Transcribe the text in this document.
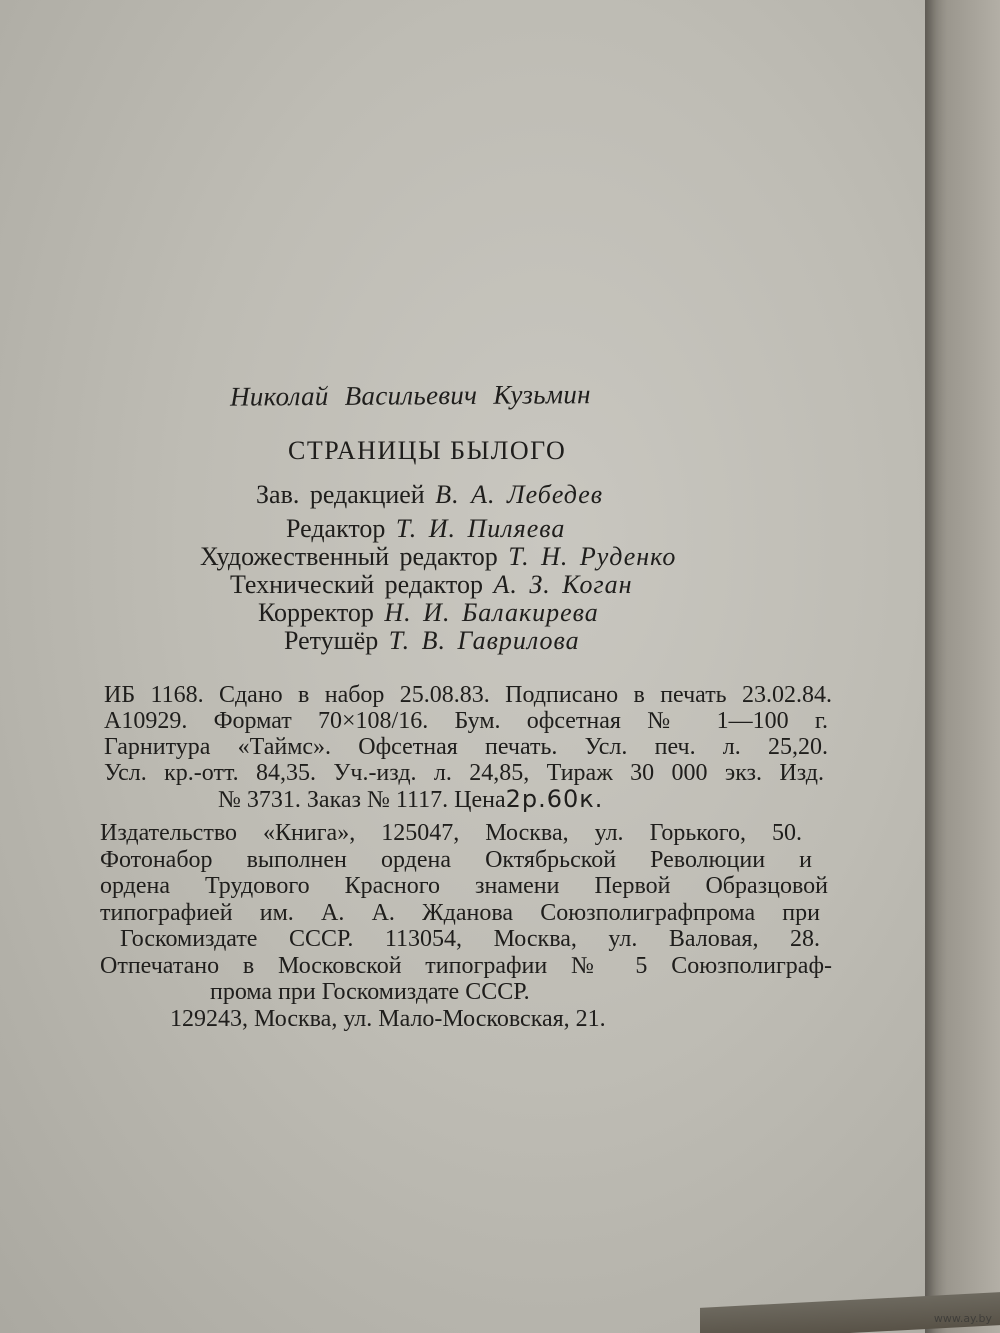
Николай Васильевич Кузьмин
СТРАНИЦЫ БЫЛОГО
Зав. редакцией В. А. Лебедев
Редактор Т. И. Пиляева
Художественный редактор Т. Н. Руденко
Технический редактор А. З. Коган
Корректор Н. И. Балакирева
Ретушёр Т. В. Гаврилова
ИБ 1168. Сдано в набор 25.08.83. Подписано в печать 23.02.84.
А10929. Формат 70×108/16. Бум. офсетная № 1—100 г.
Гарнитура «Таймс». Офсетная печать. Усл. печ. л. 25,20.
Усл. кр.-отт. 84,35. Уч.-изд. л. 24,85, Тираж 30 000 экз. Изд.
№ 3731. Заказ № 1117. Цена2р.60к.
Издательство «Книга», 125047, Москва, ул. Горького, 50.
Фотонабор выполнен ордена Октябрьской Революции и
ордена Трудового Красного знамени Первой Образцовой
типографией им. А. А. Жданова Союзполиграфпрома при
Госкомиздате СССР. 113054, Москва, ул. Валовая, 28.
Отпечатано в Московской типографии № 5 Союзполиграф-
прома при Госкомиздате СССР.
129243, Москва, ул. Мало-Московская, 21.
www.ay.by
